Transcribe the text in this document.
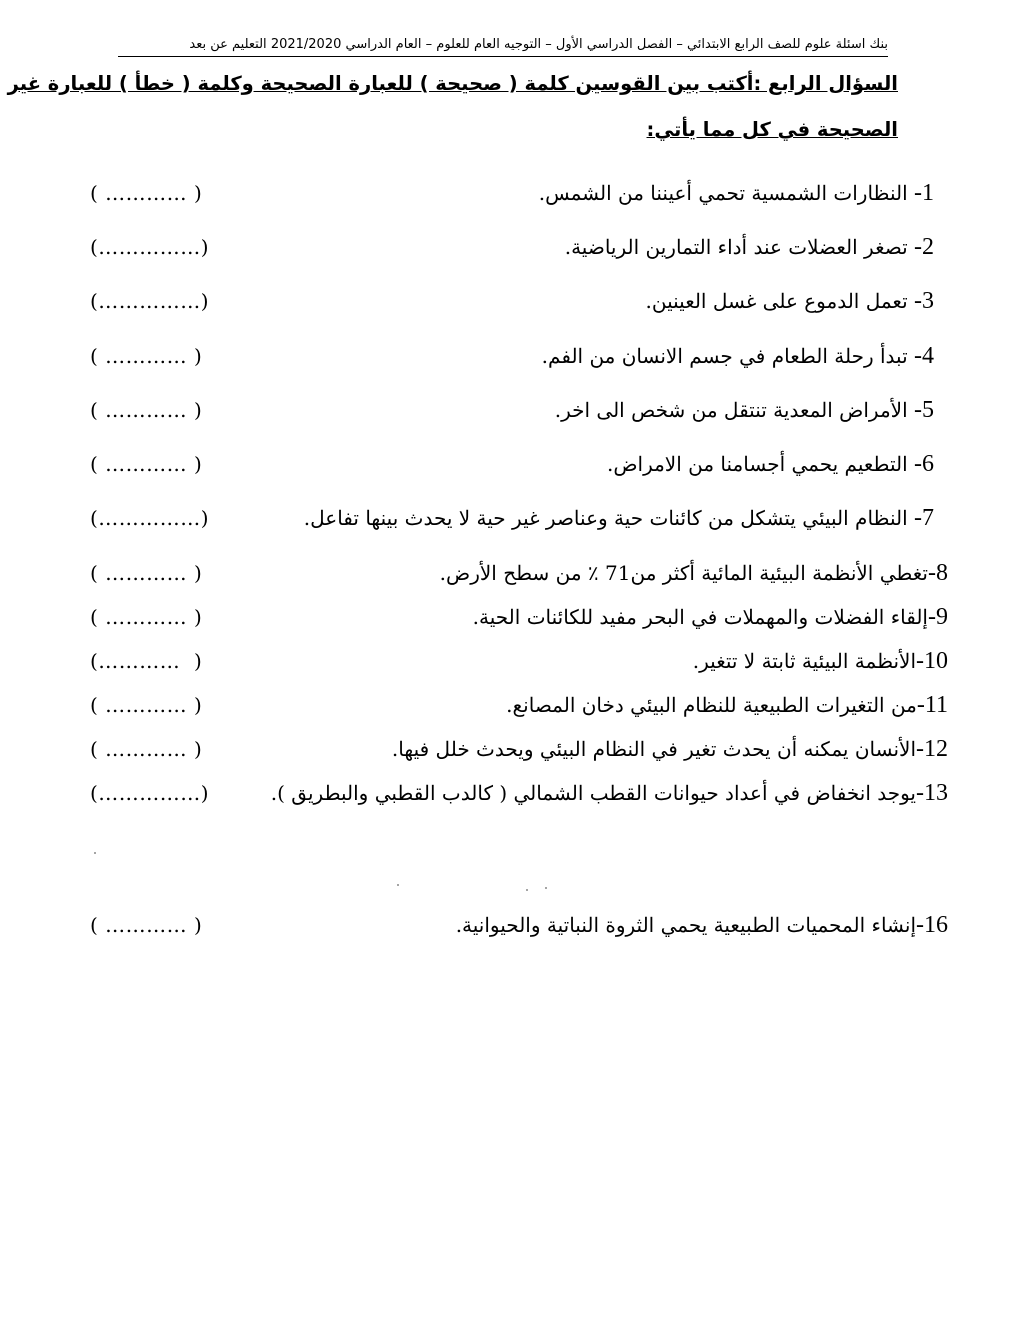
بنك اسئلة علوم للصف الرابع الابتدائي – الفصل الدراسي الأول – التوجيه العام للعلوم – العام الدراسي 2021/2020 التعليم عن بعد
السؤال الرابع :أكتب بين القوسين كلمة ( صحيحة ) للعبارة الصحيحة وكلمة ( خطأ ) للعبارة غير
الصحيحة في كل مما يأتي:
1- النظارات الشمسية تحمي أعيننا من الشمس.
( ………… )
2- تصغر العضلات عند أداء التمارين الرياضية.
(……………)
3- تعمل الدموع على غسل العينين.
(……………)
4- تبدأ رحلة الطعام في جسم الانسان من الفم.
( ………… )
5- الأمراض المعدية تنتقل من شخص الى اخر.
( ………… )
6- التطعيم يحمي أجسامنا من الامراض.
( ………… )
7- النظام البيئي يتشكل من كائنات حية وعناصر غير حية لا يحدث بينها تفاعل.
(……………)
8-تغطي الأنظمة البيئية المائية أكثر من71 ٪ من سطح الأرض.
( ………… )
9-إلقاء الفضلات والمهملات في البحر مفيد للكائنات الحية.
( ………… )
10-الأنظمة البيئية ثابتة لا تتغير.
(…………  )
11-من التغيرات الطبيعية للنظام البيئي دخان المصانع.
( ………… )
12-الأنسان يمكنه أن يحدث تغير في النظام البيئي ويحدث خلل فيها.
( ………… )
13-يوجد انخفاض في أعداد حيوانات القطب الشمالي ( كالدب القطبي والبطريق ).
(……………)
16-إنشاء المحميات الطبيعية يحمي الثروة النباتية والحيوانية.
( ………… )
